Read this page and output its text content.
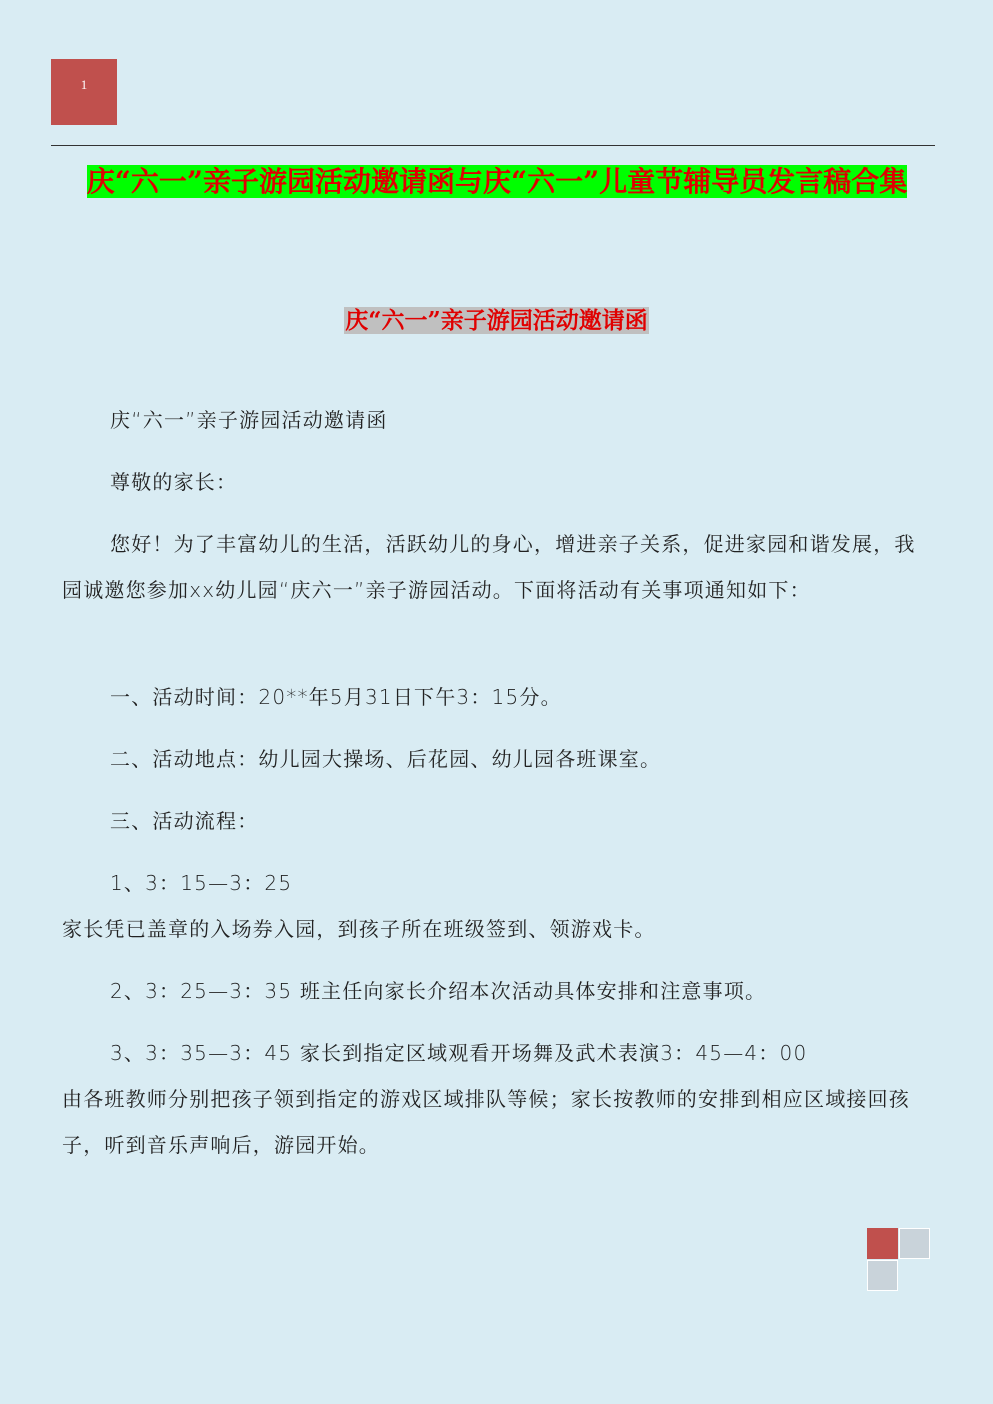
1
庆“六一”亲子游园活动邀请函与庆“六一”儿童节辅导员发言稿合集
庆“六一”亲子游园活动邀请函

庆“六一”亲子游园活动邀请函

尊敬的家长：

您好！为了丰富幼儿的生活，活跃幼儿的身心，增进亲子关系，促进家园和谐发展，我园诚邀您参加xx幼儿园“庆六一”亲子游园活动。下面将活动有关事项通知如下：

一、活动时间：20**年5月31日下午3：15分。

二、活动地点：幼儿园大操场、后花园、幼儿园各班课室。

三、活动流程：

1、3：15—3：25

家长凭已盖章的入场券入园，到孩子所在班级签到、领游戏卡。

2、3：25—3：35 班主任向家长介绍本次活动具体安排和注意事项。

3、3：35—3：45 家长到指定区域观看开场舞及武术表演3：45—4：00

由各班教师分别把孩子领到指定的游戏区域排队等候；家长按教师的安排到相应区域接回孩子，听到音乐声响后，游园开始。
